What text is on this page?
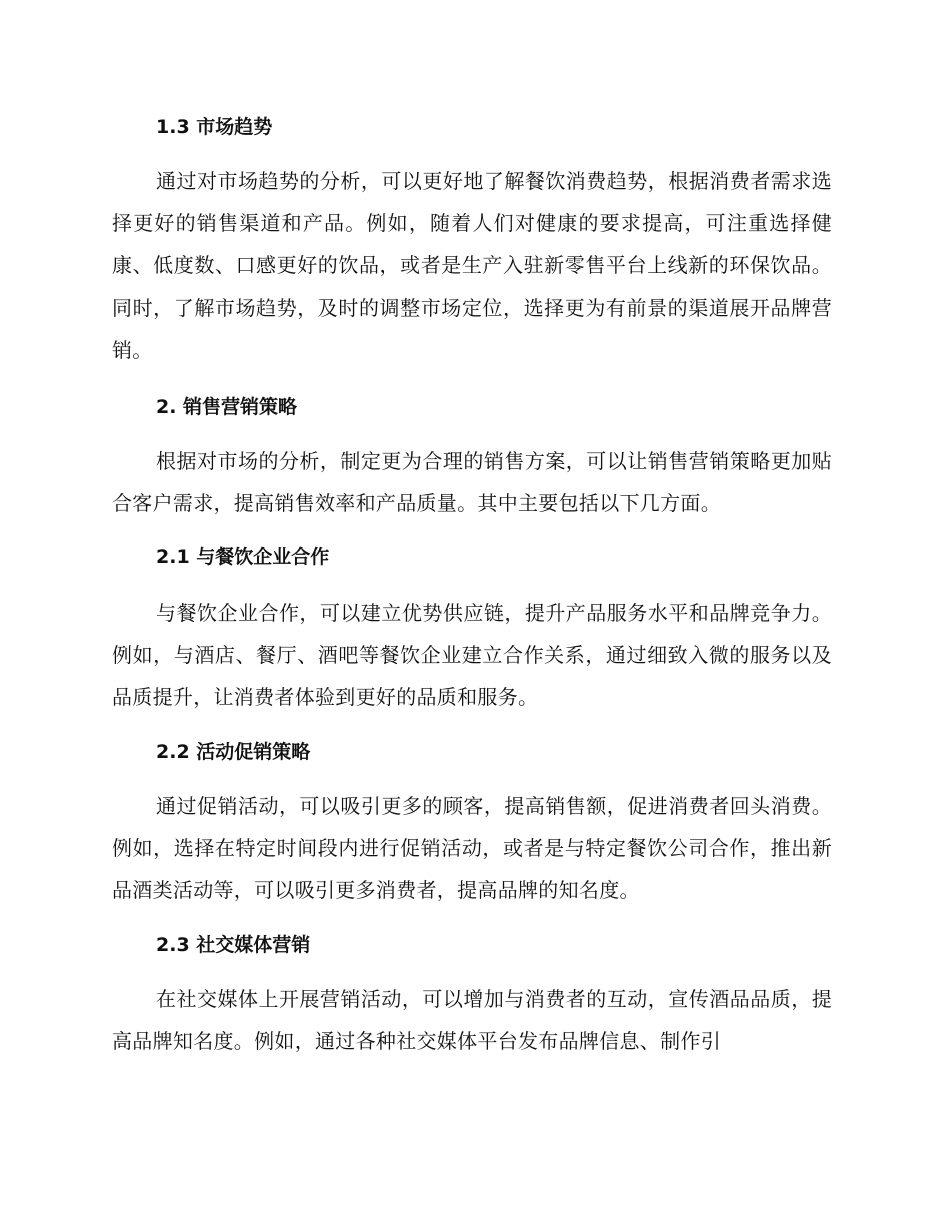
1.3 市场趋势

通过对市场趋势的分析，可以更好地了解餐饮消费趋势，根据消费者需求选择更好的销售渠道和产品。例如，随着人们对健康的要求提高，可注重选择健康、低度数、口感更好的饮品，或者是生产入驻新零售平台上线新的环保饮品。同时，了解市场趋势，及时的调整市场定位，选择更为有前景的渠道展开品牌营销。

2. 销售营销策略

根据对市场的分析，制定更为合理的销售方案，可以让销售营销策略更加贴合客户需求，提高销售效率和产品质量。其中主要包括以下几方面。

2.1 与餐饮企业合作

与餐饮企业合作，可以建立优势供应链，提升产品服务水平和品牌竞争力。例如，与酒店、餐厅、酒吧等餐饮企业建立合作关系，通过细致入微的服务以及品质提升，让消费者体验到更好的品质和服务。

2.2 活动促销策略

通过促销活动，可以吸引更多的顾客，提高销售额，促进消费者回头消费。例如，选择在特定时间段内进行促销活动，或者是与特定餐饮公司合作，推出新品酒类活动等，可以吸引更多消费者，提高品牌的知名度。

2.3 社交媒体营销

在社交媒体上开展营销活动，可以增加与消费者的互动，宣传酒品品质，提高品牌知名度。例如，通过各种社交媒体平台发布品牌信息、制作引
